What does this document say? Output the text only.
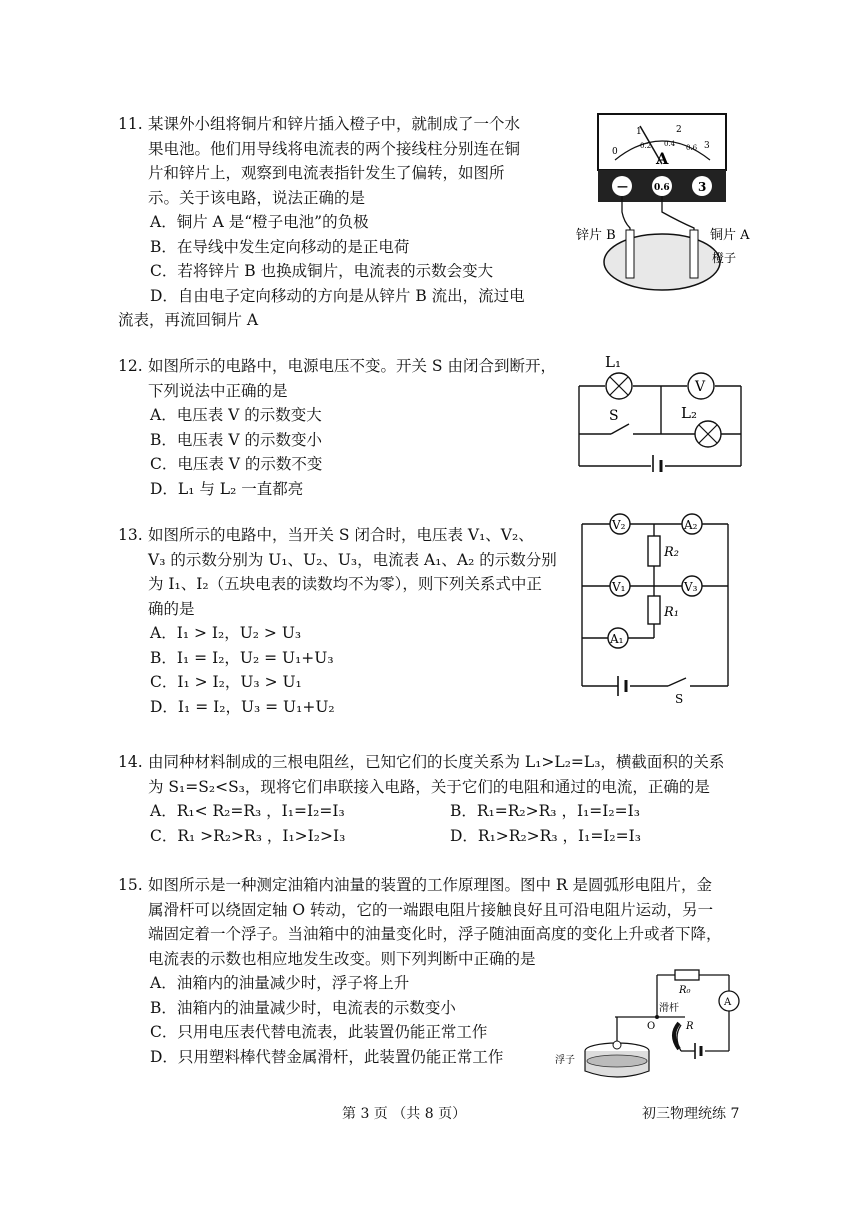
11. 某课外小组将铜片和锌片插入橙子中，就制成了一个水
果电池。他们用导线将电流表的两个接线柱分别连在铜
片和锌片上，观察到电流表指针发生了偏转，如图所
示。关于该电路，说法正确的是
A．铜片 A 是“橙子电池”的负极
B．在导线中发生定向移动的是正电荷
C．若将锌片 B 也换成铜片，电流表的示数会变大
D．自由电子定向移动的方向是从锌片 B 流出，流过电
流表，再流回铜片 A
0
1	2
3
0.2 0.4 0.6
A
—	0.6 3
锌片 B	铜片 A
橙子
12. 如图所示的电路中，电源电压不变。开关 S 由闭合到断开，
下列说法中正确的是
A．电压表 V 的示数变大
B．电压表 V 的示数变小
C．电压表 V 的示数不变
D．L₁ 与 L₂ 一直都亮
L₁
V
L₂
S
13. 如图所示的电路中，当开关 S 闭合时，电压表 V₁、V₂、
V₃ 的示数分别为 U₁、U₂、U₃，电流表 A₁、A₂ 的示数分别
为 I₁、I₂（五块电表的读数均不为零），则下列关系式中正
确的是
A．I₁ > I₂，U₂ > U₃
B．I₁ = I₂，U₂ = U₁+U₃
C．I₁ > I₂，U₃ > U₁
D．I₁ = I₂，U₃ = U₁+U₂
V₂	A₂
R₂
V₁	V₃
R₁
A₁
S
14. 由同种材料制成的三根电阻丝，已知它们的长度关系为 L₁>L₂=L₃，横截面积的关系
为 S₁=S₂<S₃，现将它们串联接入电路，关于它们的电阻和通过的电流，正确的是
A．R₁< R₂=R₃ ，I₁=I₂=I₃	B．R₁=R₂>R₃ ，I₁=I₂=I₃
C．R₁ >R₂>R₃ ，I₁>I₂>I₃	D．R₁>R₂>R₃ ，I₁=I₂=I₃
15. 如图所示是一种测定油箱内油量的装置的工作原理图。图中 R 是圆弧形电阻片，金
属滑杆可以绕固定轴 O 转动，它的一端跟电阻片接触良好且可沿电阻片运动，另一
端固定着一个浮子。当油箱中的油量变化时，浮子随油面高度的变化上升或者下降，
电流表的示数也相应地发生改变。则下列判断中正确的是
A．油箱内的油量减少时，浮子将上升
B．油箱内的油量减少时，电流表的示数变小
C．只用电压表代替电流表，此装置仍能正常工作
D．只用塑料棒代替金属滑杆，此装置仍能正常工作
R₀
A
滑杆
O	R
浮子
第 3 页 （共 8 页）	初三物理统练 7
